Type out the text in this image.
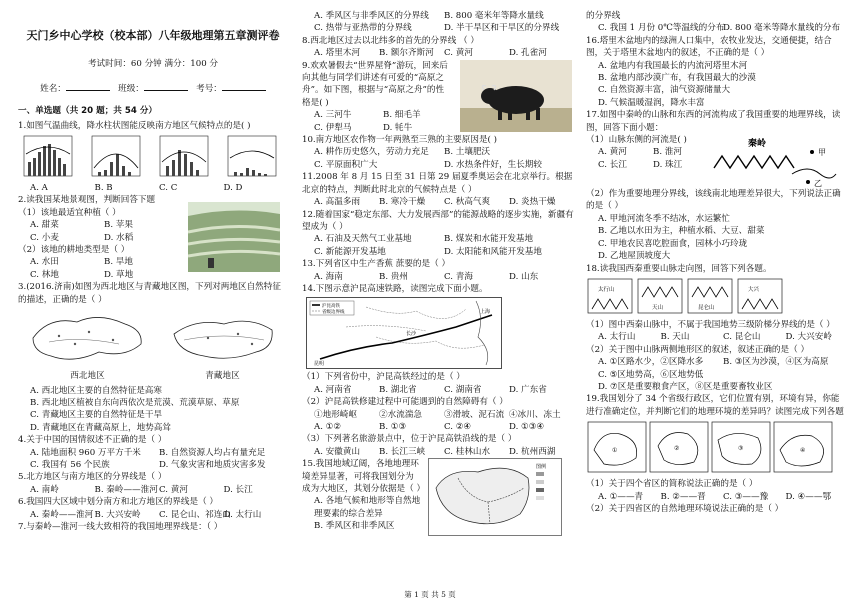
天门乡中心学校（校本部）八年级地理第五章测评卷
考试时间：60 分钟 满分：100 分
姓名：	班级：	考号：
一、单选题（共 20 题；共 54 分）
1.如图气温曲线，降水柱状图能反映南方地区气候特点的是( )
A. A	B. B	C. C	D. D
2.读我国某地景观图，判断回答下题
（1）该地最适宜种植（ ）
A. 甜菜	B. 苹果
C. 小麦	D. 水稻
（2）该地的耕地类型是（ ）
A. 水田	B. 旱地
C. 林地	D. 草地
3.(2016.济南)如图为西北地区与青藏地区图，下列对两地区自然特征的描述，正确的是（ ）
西北地区	青藏地区
A. 西北地区主要的自然特征是高寒
B. 西北地区植被自东向西依次是荒漠、荒漠草原、草原
C. 青藏地区主要的自然特征是干旱
D. 青藏地区在青藏高原上，地势高耸
4.关于中国的国情叙述不正确的是（ ）
A. 陆地面积 960 万平方千米	B. 自然资源人均占有量充足
C. 我国有 56 个民族	D. 气象灾害和地质灾害多发
5.北方地区与南方地区的分界线是（ ）
A. 南岭	B. 秦岭——淮河 C. 黄河	D. 长江
6.我国四大区域中划分南方和北方地区的界线是（ ）
A. 秦岭——淮河 B. 大兴安岭	C. 昆仑山、祁连山
D. 太行山
7.与秦岭—淮河一线大致相符的我国地理界线是：（ ）
A. 季风区与非季风区的分界线	B. 800 毫米年等降水量线
C. 热带与亚热带的分界线	D. 半干旱区和干旱区的分界线
8.西北地区过去以北纬多的首先的分界线 （ ）
A. 塔里木河	B. 额尔齐斯河	C. 黄河	D. 孔雀河
9.欢欢暑假去“世界屋脊”游玩，回来后向其他与同学们讲述有可爱的“高原之舟”。如下图，根据与“高原之舟”的性格是( )
A. 三河牛	B. 细毛羊
C. 伊犁马	D. 牦牛
10.南方地区农作物一年两熟至三熟的主要原因是( )
A. 耕作历史悠久，劳动力充足	B. 土壤肥沃
C. 平原面积广大	D. 水热条件好，生长期较
11.2008 年 8 月 15 日至 31 日第 29 届夏季奥运会在北京举行。根据北京的特点，判断此时北京的气候特点是（ ）
A. 高温多雨	B. 寒冷干燥	C. 秋高气爽	D. 炎热干燥
12.随着国家“稳定东部、大力发展西部”的能源战略的逐步实施，新疆有望成为（ ）
A. 石油及天然气工业基地	B. 煤炭和水能开发基地
C. 新能源开发基地	D. 太阳能和风能开发基地
13.下列省区中生产香蕉 蔗要的是（ ）
A. 海南	B. 贵州	C. 青海	D. 山东
14.下图示意沪昆高速铁路，读图完成下面小题。
沪昆高铁
省级边界线
长沙
上海
昆明
（1）下列省份中，沪昆高铁经过的是（ ）
A. 河南省	B. 湖北省	C. 湖南省	D. 广东省
（2）沪昆高铁修建过程中可能遇到的自然障碍有（ ）
①地形崎岖	②水流湍急	③滑坡、泥石流 ④冰川、冻土
A. ①②	B. ①③	C. ②④	D. ①③④
（3）下列著名旅游景点中，位于沪昆高铁沿线的是（ ）
A. 安徽黄山	B. 长江三峡	C. 桂林山水	D. 杭州西湖
15.我国地域辽阔，各地地理环境差异显著，可将我国划分为成为大地区，其划分依据是（ ）
A. 各地气候和地形等自然地理要素的综合差异
B. 季风区和非季风区
图例
的分界线
C. 我国 1 月份 0℃等温线的分布
D. 800 毫米等降水量线的分布
16.塔里木盆地内的绿洲人口集中，农牧业发达，交通便捷，结合图，关于塔里木盆地内的叙述，不正确的是（ ）
A. 盆地内有我国最长的内流河塔里木河
B. 盆地内部沙漠广布，有我国最大的沙漠
C. 自然资源丰富，油气资源储量大
D. 气候温暖湿润，降水丰富
17.如图中秦岭的山脉和东西的河流构成了我国重要的地理界线，读图，回答下面小题：
（1）山脉东侧的河流是( )
A. 黄河	B. 淮河
C. 长江	D. 珠江
秦岭
甲
乙
（2）作为重要地理分界线，该线南北地理差异很大，下列说法正确的是（ ）
A. 甲地河流冬季不结冰，水运繁忙
B. 乙地以水田为主，种植水稻、大豆、甜菜
C. 甲地农民喜吃腔面食，园林小巧玲珑
D. 乙地屋顶坡度大
18.读我国西秦重要山脉走向图，回答下列各题。
太行山
天山	昆仑山
大兴
（1）图中西秦山脉中，不属于我国地势三级阶梯分界线的是（ ）
A. 太行山	B. 天山	C. 昆仑山	D. 大兴安岭
（2）关于图中山脉两侧地形区的叙述，叙述正确的是（ ）
A. ①区路水少，②区降水多	B. ③区为沙漠，④区为高原
C. ⑤区地势高，⑥区地势低
D. ⑦区是重要粮食产区，⑧区是重要畜牧业区
19.我国划分了 34 个省级行政区，它们位置有别，环境有异，你能进行准确定位，并判断它们的地理环境的差异吗？读图完成下列各题
①	②	③	④
（1）关于四个省区的简称说法正确的是（ ）
A. ①——青	B. ②——晋	C. ③——豫	D. ④——鄂
（2）关于四省区的自然地理环境说法正确的是（ ）
第 1 页 共 5 页
